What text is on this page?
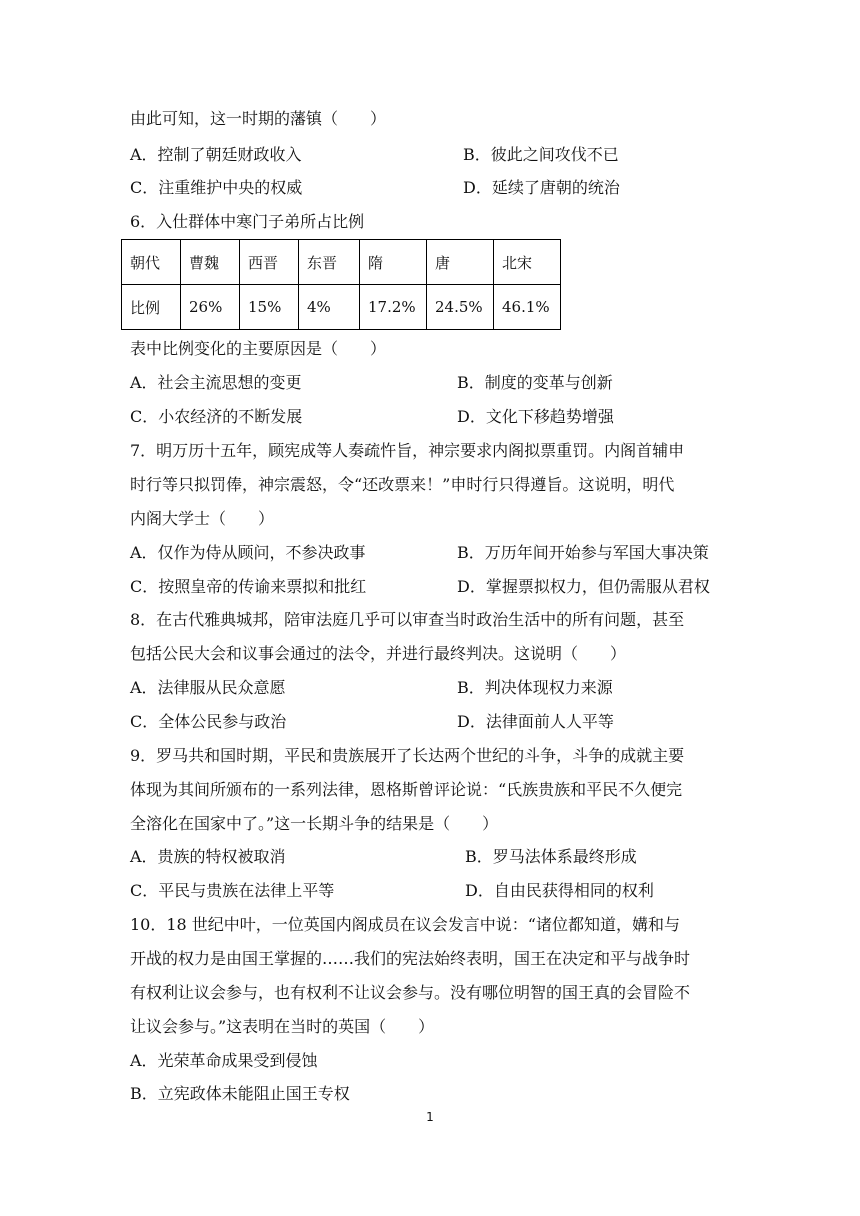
由此可知，这一时期的藩镇（　　）
A．控制了朝廷财政收入	B．彼此之间攻伐不已
C．注重维护中央的权威	D．延续了唐朝的统治
6．入仕群体中寒门子弟所占比例
朝代	曹魏	西晋	东晋	隋	唐	北宋
比例	26%	15%	4%	17.2%	24.5%	46.1%
表中比例变化的主要原因是（　　）
A．社会主流思想的变更	B．制度的变革与创新
C．小农经济的不断发展	D．文化下移趋势增强
7．明万历十五年，顾宪成等人奏疏忤旨，神宗要求内阁拟票重罚。内阁首辅申
时行等只拟罚俸，神宗震怒，令“还改票来！”申时行只得遵旨。这说明，明代
内阁大学士（　　）
A．仅作为侍从顾问，不参决政事	B．万历年间开始参与军国大事决策
C．按照皇帝的传谕来票拟和批红	D．掌握票拟权力，但仍需服从君权
8．在古代雅典城邦，陪审法庭几乎可以审查当时政治生活中的所有问题，甚至
包括公民大会和议事会通过的法令，并进行最终判决。这说明（　　）
A．法律服从民众意愿	B．判决体现权力来源
C．全体公民参与政治	D．法律面前人人平等
9．罗马共和国时期，平民和贵族展开了长达两个世纪的斗争，斗争的成就主要
体现为其间所颁布的一系列法律，恩格斯曾评论说：“氏族贵族和平民不久便完
全溶化在国家中了。”这一长期斗争的结果是（　　）
A．贵族的特权被取消	B．罗马法体系最终形成
C．平民与贵族在法律上平等	D．自由民获得相同的权利
10．18 世纪中叶，一位英国内阁成员在议会发言中说：“诸位都知道，媾和与
开战的权力是由国王掌握的……我们的宪法始终表明，国王在决定和平与战争时
有权利让议会参与，也有权利不让议会参与。没有哪位明智的国王真的会冒险不
让议会参与。”这表明在当时的英国（　　）
A．光荣革命成果受到侵蚀
B．立宪政体未能阻止国王专权
1
